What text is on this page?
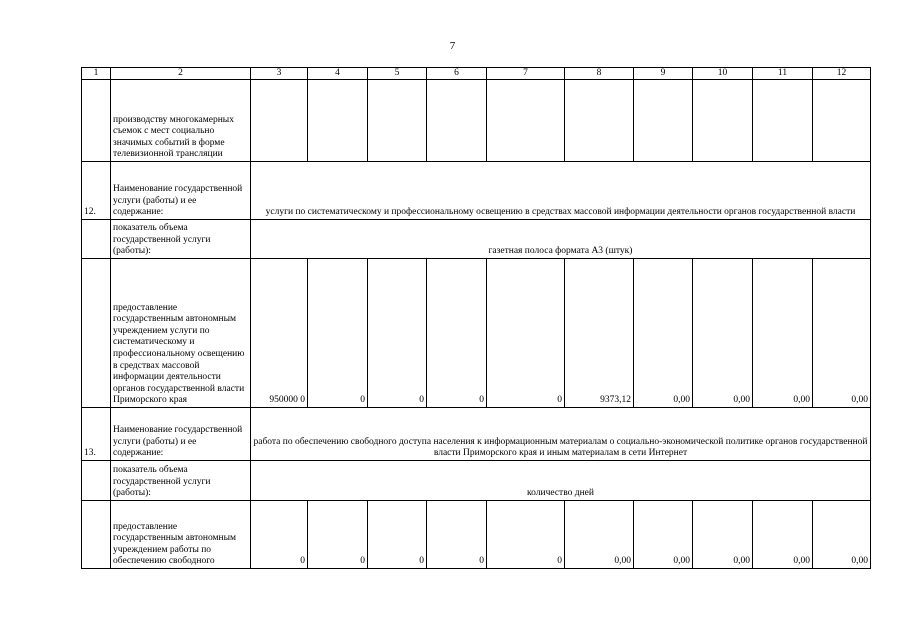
7
1	2	3	4	5	6	7	8	9	10	11	12
	производству многокамерных съемок с мест социально значимых событий в форме телевизионной трансляции										
12.	Наименование государственной услуги (работы) и ее содержание:	услуги по систематическому и профессиональному освещению в средствах массовой информации деятельности органов государственной власти									
	показатель объема государственной услуги (работы):	газетная полоса формата А3 (штук)									
	предоставление государственным автономным учреждением услуги по систематическому и профессиональному освещению в средствах массовой информации деятельности органов государственной власти Приморского края	950000 0	0	0	0	0	9373,12	0,00	0,00	0,00	0,00
13.	Наименование государственной услуги (работы) и ее содержание:	работа по обеспечению свободного доступа населения к информационным материалам о социально-экономической политике органов государственной власти Приморского края и иным материалам в сети Интернет									
	показатель объема государственной услуги (работы):	количество дней									
	предоставление государственным автономным учреждением работы по обеспечению свободного	0	0	0	0	0	0,00	0,00	0,00	0,00	0,00
